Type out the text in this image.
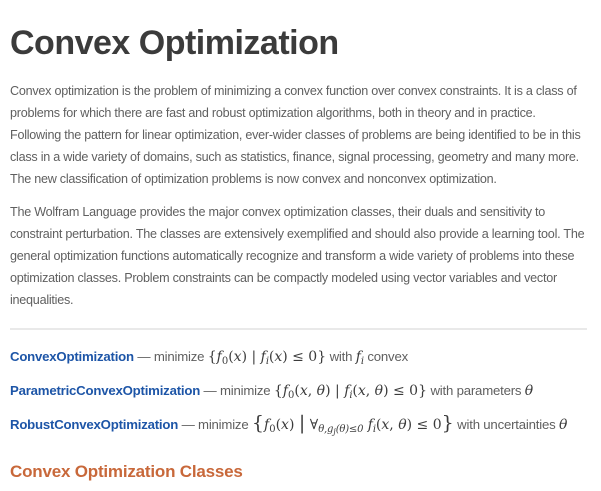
Convex Optimization

Convex optimization is the problem of minimizing a convex function over convex constraints. It is a class of problems for which there are fast and robust optimization algorithms, both in theory and in practice. Following the pattern for linear optimization, ever-wider classes of problems are being identified to be in this class in a wide variety of domains, such as statistics, finance, signal processing, geometry and many more. The new classification of optimization problems is now convex and nonconvex optimization.

The Wolfram Language provides the major convex optimization classes, their duals and sensitivity to constraint perturbation. The classes are extensively exemplified and should also provide a learning tool. The general optimization functions automatically recognize and transform a wide variety of problems into these optimization classes. Problem constraints can be compactly modeled using vector variables and vector inequalities.

ConvexOptimization — minimize {f0(x) | fi(x) ≤ 0} with fi convex
ParametricConvexOptimization — minimize {f0(x, θ) | fi(x, θ) ≤ 0} with parameters θ
RobustConvexOptimization — minimize {f0(x) | $\forall\theta,g_j(\theta)\le 0$ fi(x, θ) ≤ 0} with uncertainties θ
Convex Optimization Classes
